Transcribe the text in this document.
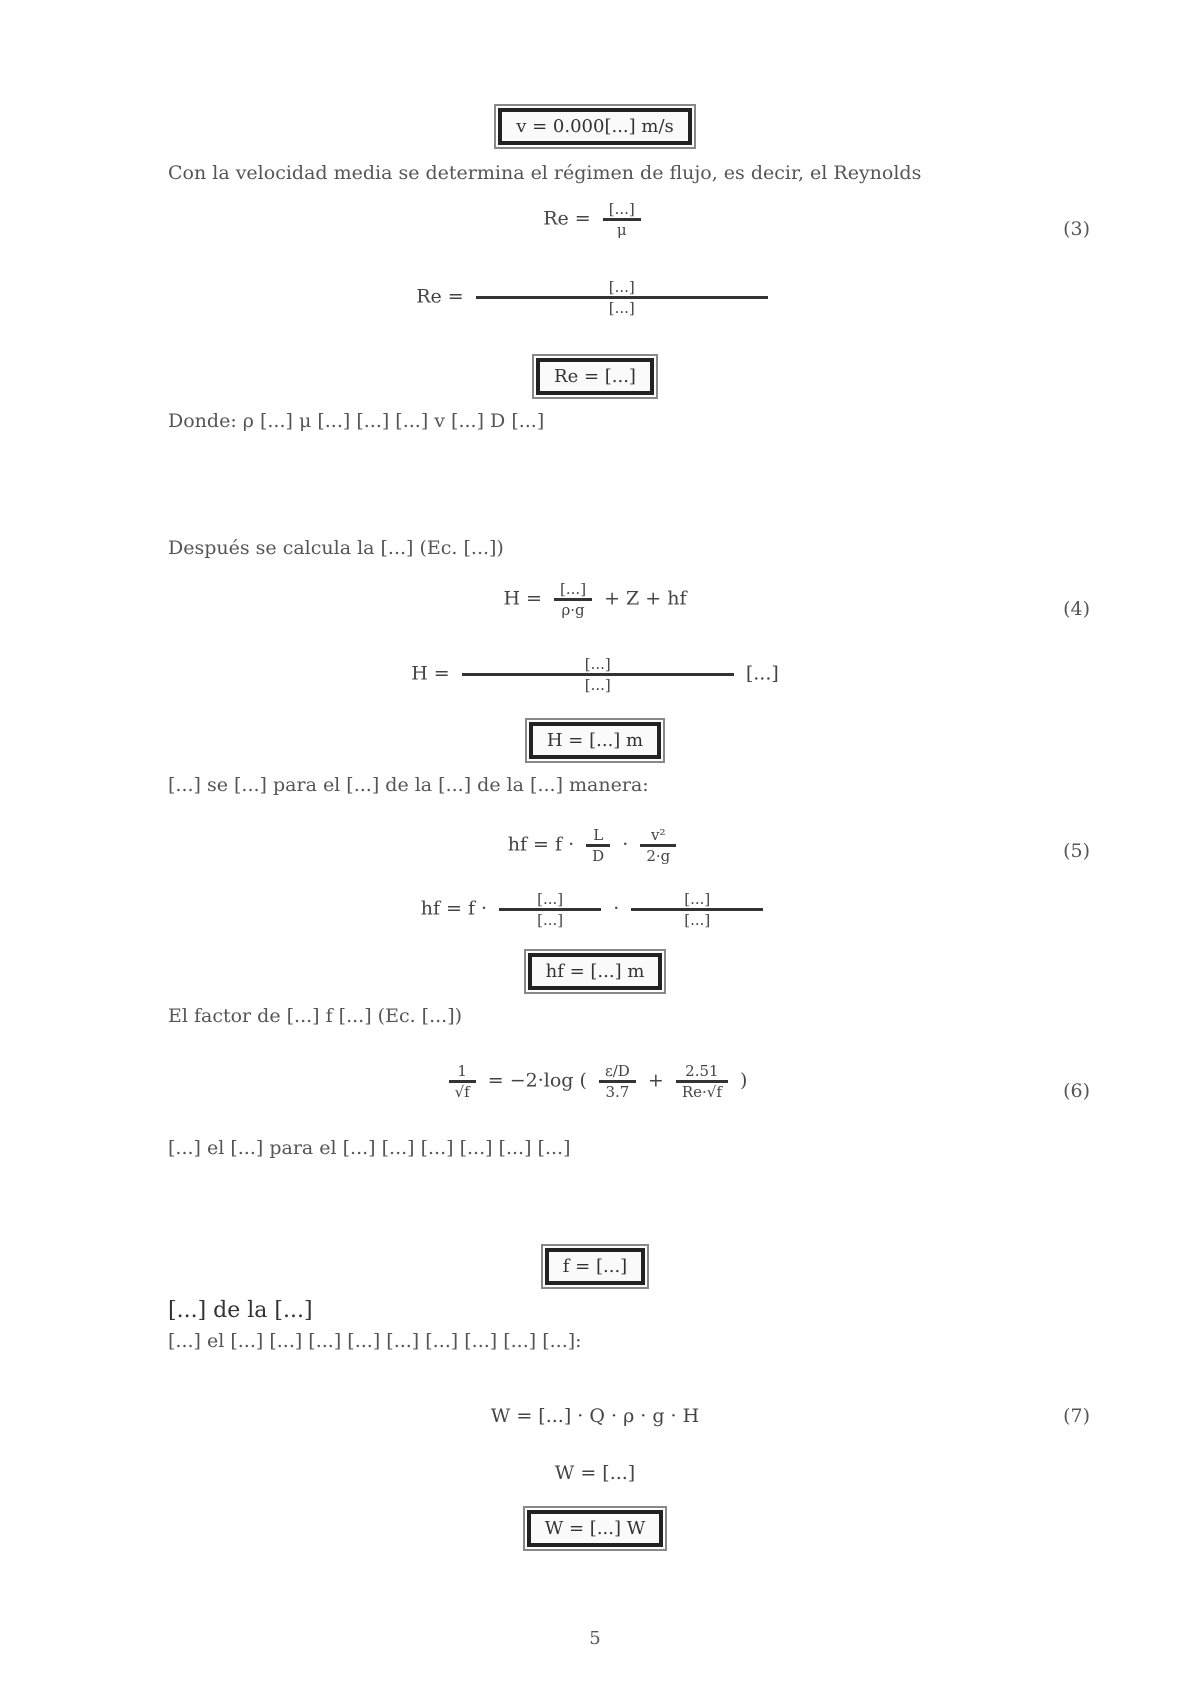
v = 0.000[...] m/s
Con la velocidad media se determina el régimen de flujo, es decir, el Reynolds
$Re = \frac{[...]}{\mu}$	(3)
$Re = \frac{[...]}{[...]}$
Re = [...]
Donde: ρ [...] μ [...] [...] [...] v [...] D [...]
Después se calcula la [...] (Ec. [...])
$H = \frac{[...]}{\rho\cdot g} + Z$ + hf	(4)
$H = \frac{[...]}{[...]}$ [...]
H = [...] m
[...] se [...] para el [...] de la [...] de la [...] manera:
hf = $f \cdot \frac{L}{D} \cdot \frac{\text{v²}}{2\cdot g}$	(5)
hf = $f \cdot \frac{[...]}{[...]} \cdot \frac{[...]}{[...]}$
hf = [...] m
El factor de [...] f [...] (Ec. [...])
$\frac{1}{√f} = -2\cdot\log$ ( $\frac{\varepsilon/D}{3.7} + \frac{2.51}{Re\cdot√f}$ )	(6)
[...] el [...] para el [...] [...] [...] [...] [...] [...]
f = [...]
[...] de la [...]
[...] el [...] [...] [...] [...] [...] [...] [...] [...] [...]:
W = [...] · Q · ρ · g · H	(7)
W = [...]
W = [...] W
5
